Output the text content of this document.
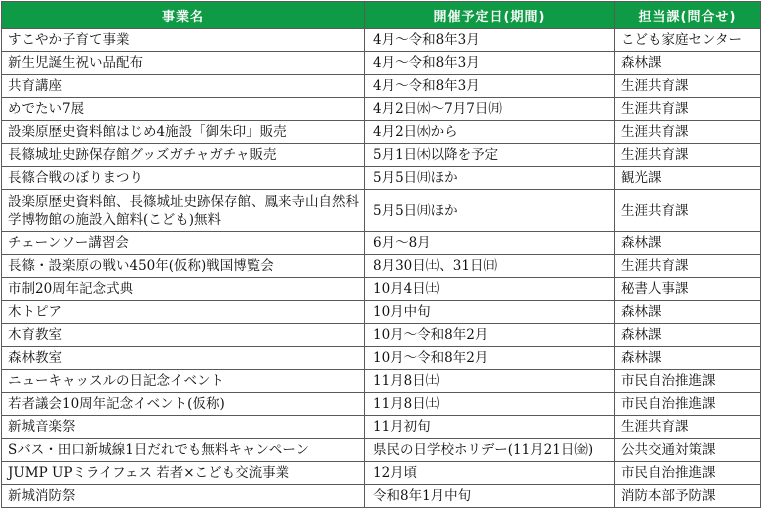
事業名	開催予定日(期間)	担当課(問合せ)
すこやか子育て事業	4月～令和8年3月	こども家庭センター
新生児誕生祝い品配布	4月～令和8年3月	森林課
共育講座	4月～令和8年3月	生涯共育課
めでたい7展	4月2日㈬～7月7日㈪	生涯共育課
設楽原歴史資料館はじめ4施設「御朱印」販売	4月2日㈬から	生涯共育課
長篠城址史跡保存館グッズガチャガチャ販売	5月1日㈭以降を予定	生涯共育課
長篠合戦のぼりまつり	5月5日㈪ほか	観光課
設楽原歴史資料館、長篠城址史跡保存館、鳳来寺山自然科学博物館の施設入館料(こども)無料	5月5日㈪ほか	生涯共育課
チェーンソー講習会	6月～8月	森林課
長篠・設楽原の戦い450年(仮称)戦国博覧会	8月30日㈯、31日㈰	生涯共育課
市制20周年記念式典	10月4日㈯	秘書人事課
木トピア	10月中旬	森林課
木育教室	10月～令和8年2月	森林課
森林教室	10月～令和8年2月	森林課
ニューキャッスルの日記念イベント	11月8日㈯	市民自治推進課
若者議会10周年記念イベント(仮称)	11月8日㈯	市民自治推進課
新城音楽祭	11月初旬	生涯共育課
Sバス・田口新城線1日だれでも無料キャンペーン	県民の日学校ホリデー(11月21日㈮)	公共交通対策課
JUMP UPミライフェス 若者×こども交流事業	12月頃	市民自治推進課
新城消防祭	令和8年1月中旬	消防本部予防課
